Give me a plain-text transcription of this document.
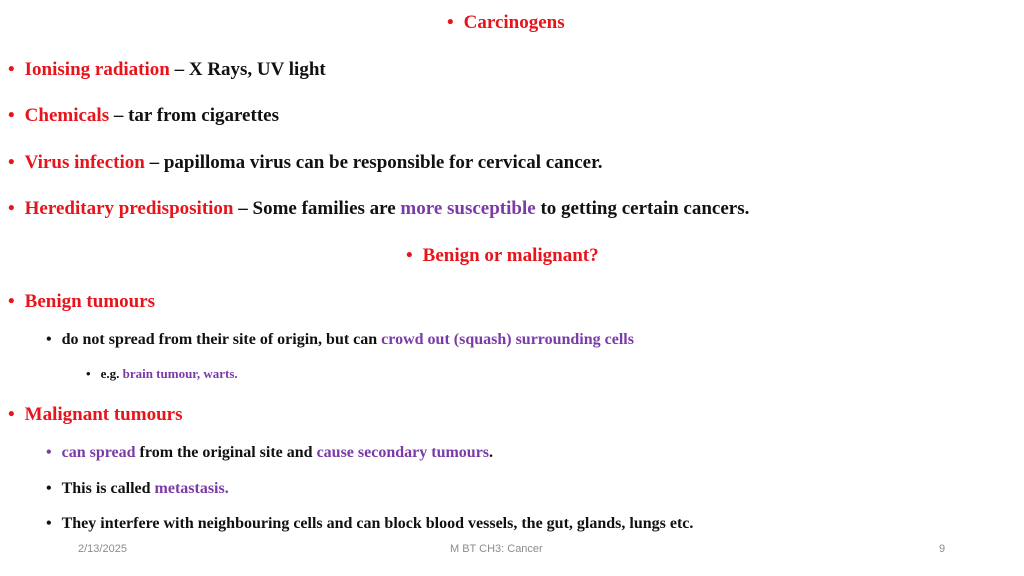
• Carcinogens
• Ionising radiation – X Rays, UV light
• Chemicals – tar from cigarettes
• Virus infection – papilloma virus can be responsible for cervical cancer.
• Hereditary predisposition – Some families are more susceptible to getting certain cancers.
• Benign or malignant?
• Benign tumours
• do not spread from their site of origin, but can crowd out (squash) surrounding cells
• e.g. brain tumour, warts.
• Malignant tumours
• can spread from the original site and cause secondary tumours .
• This is called metastasis.
• They interfere with neighbouring cells and can block blood vessels, the gut, glands, lungs etc.
2/13/2025	M BT CH3: Cancer	9
